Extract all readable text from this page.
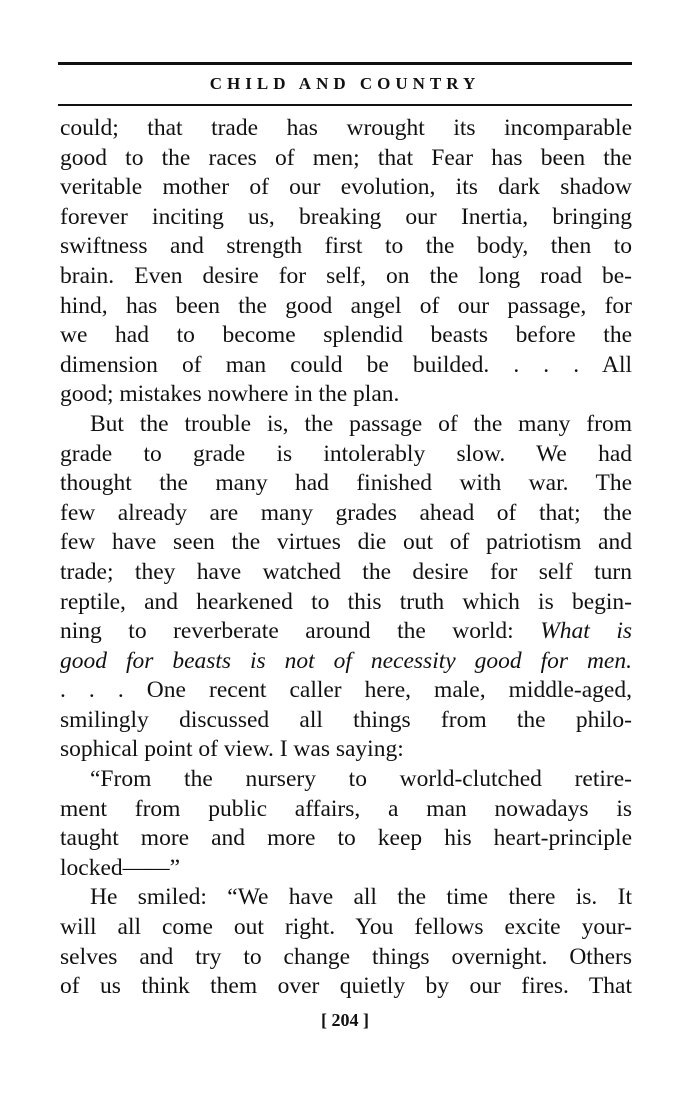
CHILD AND COUNTRY
could; that trade has wrought its incomparable
good to the races of men; that Fear has been the
veritable mother of our evolution, its dark shadow
forever inciting us, breaking our Inertia, bringing
swiftness and strength first to the body, then to
brain. Even desire for self, on the long road be-
hind, has been the good angel of our passage, for
we had to become splendid beasts before the
dimension of man could be builded. . . . All
good; mistakes nowhere in the plan.
But the trouble is, the passage of the many from
grade to grade is intolerably slow. We had
thought the many had finished with war. The
few already are many grades ahead of that; the
few have seen the virtues die out of patriotism and
trade; they have watched the desire for self turn
reptile, and hearkened to this truth which is begin-
ning to reverberate around the world: What is
good for beasts is not of necessity good for men.
. . . One recent caller here, male, middle-aged,
smilingly discussed all things from the philo-
sophical point of view. I was saying:
“From the nursery to world-clutched retire-
ment from public affairs, a man nowadays is
taught more and more to keep his heart-principle
locked——”
He smiled: “We have all the time there is. It
will all come out right. You fellows excite your-
selves and try to change things overnight. Others
of us think them over quietly by our fires. That
[ 204 ]
